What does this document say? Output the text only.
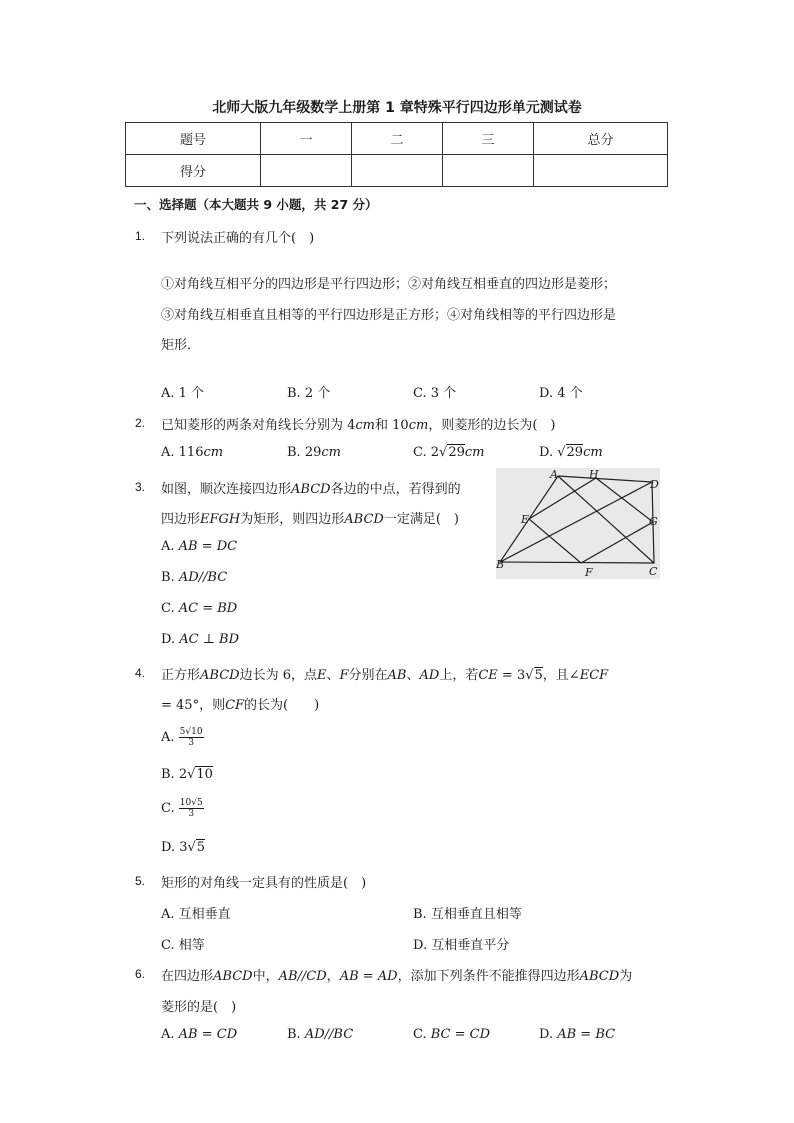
北师大版九年级数学上册第 1 章特殊平行四边形单元测试卷
题号	一	二	三	总分
得分				
一、选择题（本大题共 9 小题，共 27 分）
1. 下列说法正确的有几个(　)
①对角线互相平分的四边形是平行四边形；②对角线互相垂直的四边形是菱形；
③对角线互相垂直且相等的平行四边形是正方形；④对角线相等的平行四边形是
矩形．
A. 1 个	B. 2 个	C. 3 个	D. 4 个
2. 已知菱形的两条对角线长分别为 4cm和 10cm，则菱形的边长为(　)
A. 116cm	B. 29cm	C. 2√29cm	D. √29cm
3. 如图，顺次连接四边形ABCD各边的中点，若得到的
四边形EFGH为矩形，则四边形ABCD一定满足(　)
A. AB = DC
B. AD//BC
C. AC = BD
D. AC ⊥ BD
A	H
D
E	G
B
F	C
4. 正方形ABCD边长为 6，点E、F分别在AB、AD上，若CE = 3√5，且∠ECF
= 45°，则CF的长为(　　)
A. $\frac{5√10}{3}$
B. 2√10
C. $\frac{10√5}{3}$
D. 3√5
5. 矩形的对角线一定具有的性质是(　)
A. 互相垂直	B. 互相垂直且相等
C. 相等	D. 互相垂直平分
6. 在四边形ABCD中，AB//CD，AB = AD，添加下列条件不能推得四边形ABCD为
菱形的是(　)
A. AB = CD	B. AD//BC	C. BC = CD	D. AB = BC
